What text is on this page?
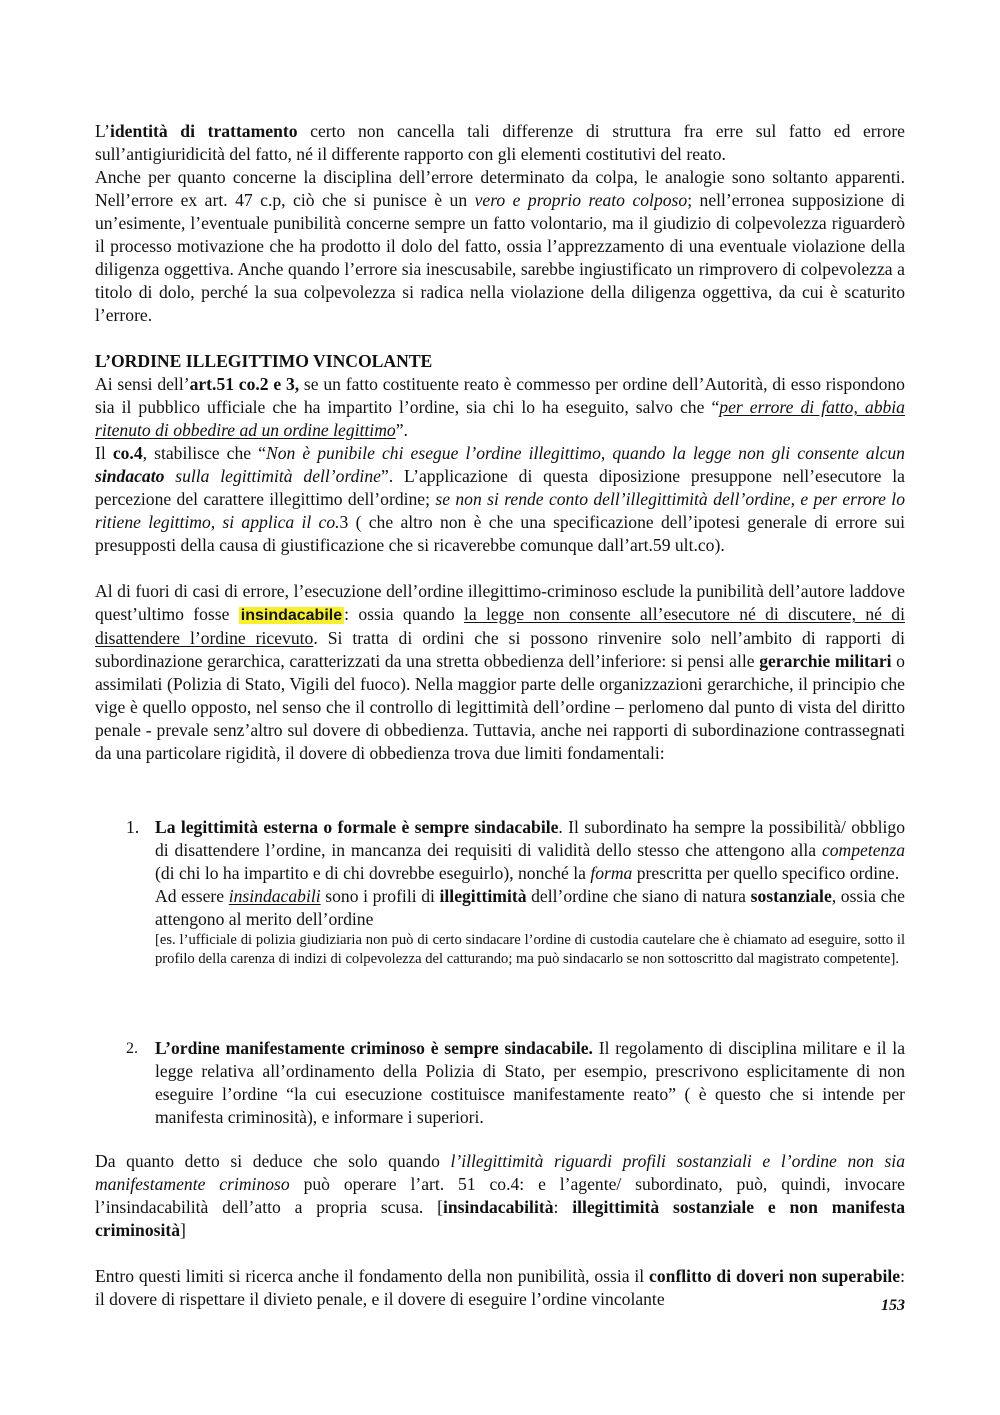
L’identità di trattamento certo non cancella tali differenze di struttura fra erre sul fatto ed errore sull’antigiuridicità del fatto, né il differente rapporto con gli elementi costitutivi del reato.

Anche per quanto concerne la disciplina dell’errore determinato da colpa, le analogie sono soltanto apparenti. Nell’errore ex art. 47 c.p, ciò che si punisce è un vero e proprio reato colposo; nell’erronea supposizione di un’esimente, l’eventuale punibilità concerne sempre un fatto volontario, ma il giudizio di colpevolezza riguarderò il processo motivazione che ha prodotto il dolo del fatto, ossia l’apprezzamento di una eventuale violazione della diligenza oggettiva. Anche quando l’errore sia inescusabile, sarebbe ingiustificato un rimprovero di colpevolezza a titolo di dolo, perché la sua colpevolezza si radica nella violazione della diligenza oggettiva, da cui è scaturito l’errore.

L’ORDINE ILLEGITTIMO VINCOLANTE

Ai sensi dell’art.51 co.2 e 3, se un fatto costituente reato è commesso per ordine dell’Autorità, di esso rispondono sia il pubblico ufficiale che ha impartito l’ordine, sia chi lo ha eseguito, salvo che “per errore di fatto, abbia ritenuto di obbedire ad un ordine legittimo”.

Il co.4, stabilisce che “Non è punibile chi esegue l’ordine illegittimo, quando la legge non gli consente alcun sindacato sulla legittimità dell’ordine”. L’applicazione di questa diposizione presuppone nell’esecutore la percezione del carattere illegittimo dell’ordine; se non si rende conto dell’illegittimità dell’ordine, e per errore lo ritiene legittimo, si applica il co.3 ( che altro non è che una specificazione dell’ipotesi generale di errore sui presupposti della causa di giustificazione che si ricaverebbe comunque dall’art.59 ult.co).

Al di fuori di casi di errore, l’esecuzione dell’ordine illegittimo-criminoso esclude la punibilità dell’autore laddove quest’ultimo fosse insindacabile : ossia quando la legge non consente all’esecutore né di discutere, né di disattendere l’ordine ricevuto. Si tratta di ordini che si possono rinvenire solo nell’ambito di rapporti di subordinazione gerarchica, caratterizzati da una stretta obbedienza dell’inferiore: si pensi alle gerarchie militari o assimilati (Polizia di Stato, Vigili del fuoco). Nella maggior parte delle organizzazioni gerarchiche, il principio che vige è quello opposto, nel senso che il controllo di legittimità dell’ordine – perlomeno dal punto di vista del diritto penale - prevale senz’altro sul dovere di obbedienza. Tuttavia, anche nei rapporti di subordinazione contrassegnati da una particolare rigidità, il dovere di obbedienza trova due limiti fondamentali:

1. La legittimità esterna o formale è sempre sindacabile. Il subordinato ha sempre la possibilità/ obbligo di disattendere l’ordine, in mancanza dei requisiti di validità dello stesso che attengono alla competenza (di chi lo ha impartito e di chi dovrebbe eseguirlo), nonché la forma prescritta per quello specifico ordine.
Ad essere insindacabili sono i profili di illegittimità dell’ordine che siano di natura sostanziale, ossia che attengono al merito dell’ordine
[es. l’ufficiale di polizia giudiziaria non può di certo sindacare l’ordine di custodia cautelare che è chiamato ad eseguire, sotto il profilo della carenza di indizi di colpevolezza del catturando; ma può sindacarlo se non sottoscritto dal magistrato competente].
2. L’ordine manifestamente criminoso è sempre sindacabile. Il regolamento di disciplina militare e il la legge relativa all’ordinamento della Polizia di Stato, per esempio, prescrivono esplicitamente di non eseguire l’ordine “la cui esecuzione costituisce manifestamente reato” ( è questo che si intende per manifesta criminosità), e informare i superiori.

Da quanto detto si deduce che solo quando l’illegittimità riguardi profili sostanziali e l’ordine non sia manifestamente criminoso può operare l’art. 51 co.4: e l’agente/ subordinato, può, quindi, invocare l’insindacabilità dell’atto a propria scusa. [insindacabilità: illegittimità sostanziale e non manifesta criminosità]

Entro questi limiti si ricerca anche il fondamento della non punibilità, ossia il conflitto di doveri non superabile: il dovere di rispettare il divieto penale, e il dovere di eseguire l’ordine vincolante	153
